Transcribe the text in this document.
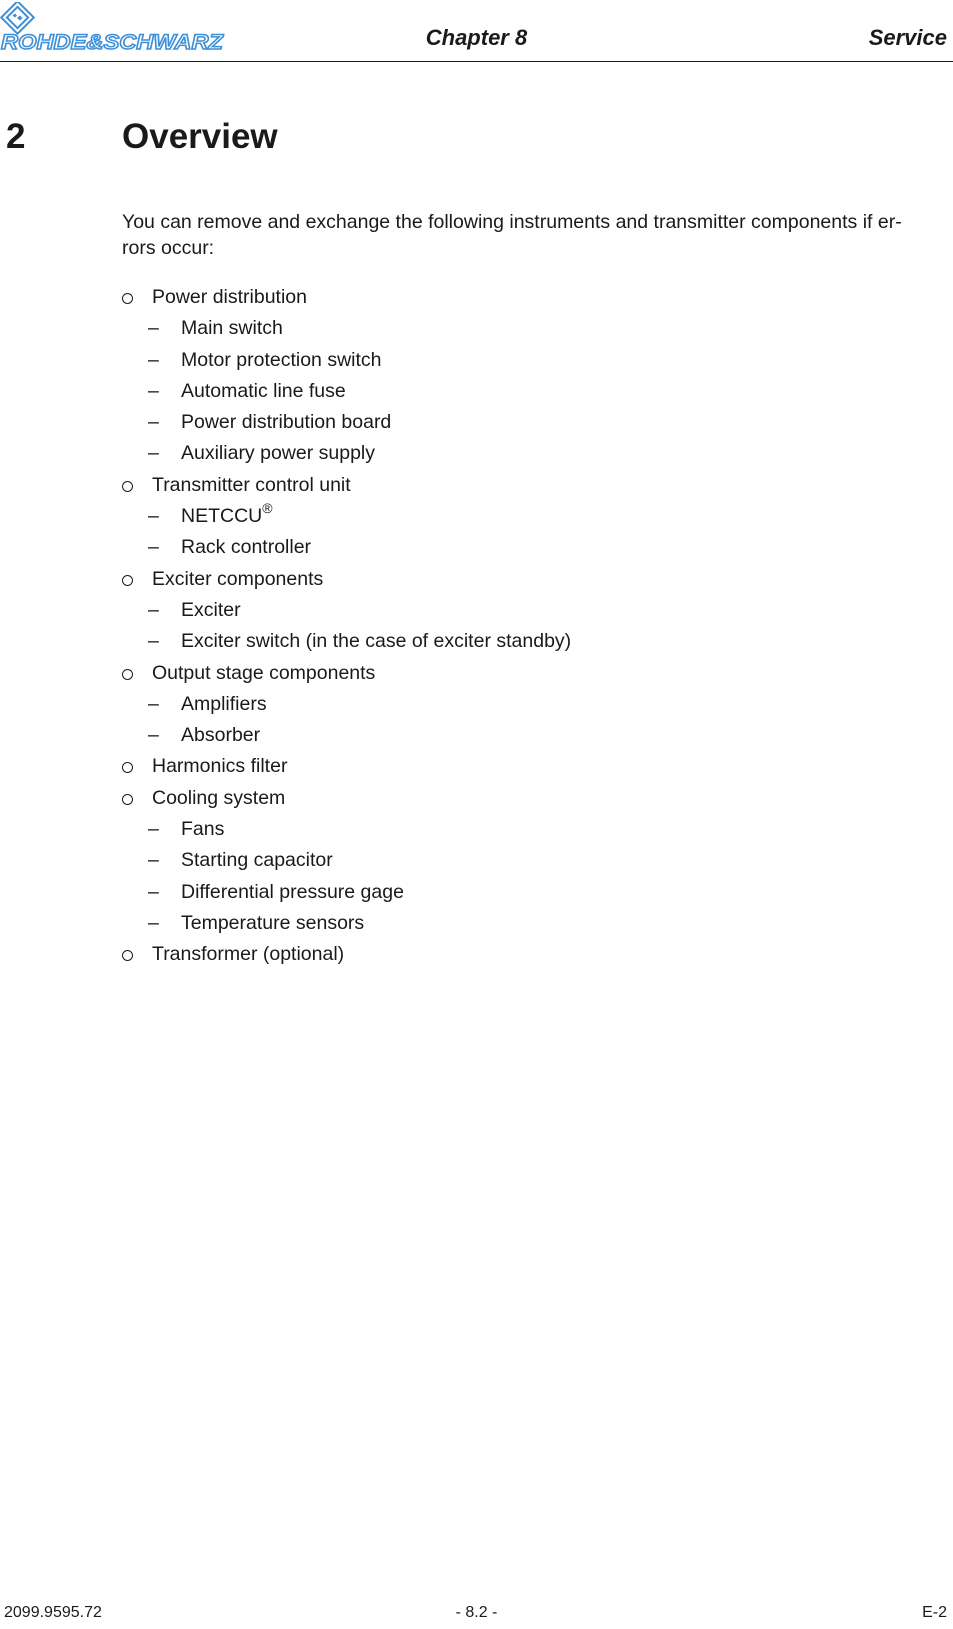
ROHDE&SCHWARZ	Chapter 8	Service
2	Overview

You can remove and exchange the following instruments and transmitter components if er-

rors occur:

Power distribution
– Main switch
– Motor protection switch
– Automatic line fuse
– Power distribution board
– Auxiliary power supply
Transmitter control unit
– NETCCU®
– Rack controller
Exciter components
– Exciter
– Exciter switch (in the case of exciter standby)
Output stage components
– Amplifiers
– Absorber
Harmonics filter
Cooling system
– Fans
– Starting capacitor
– Differential pressure gage
– Temperature sensors
Transformer (optional)
2099.9595.72	- 8.2 -	E-2
